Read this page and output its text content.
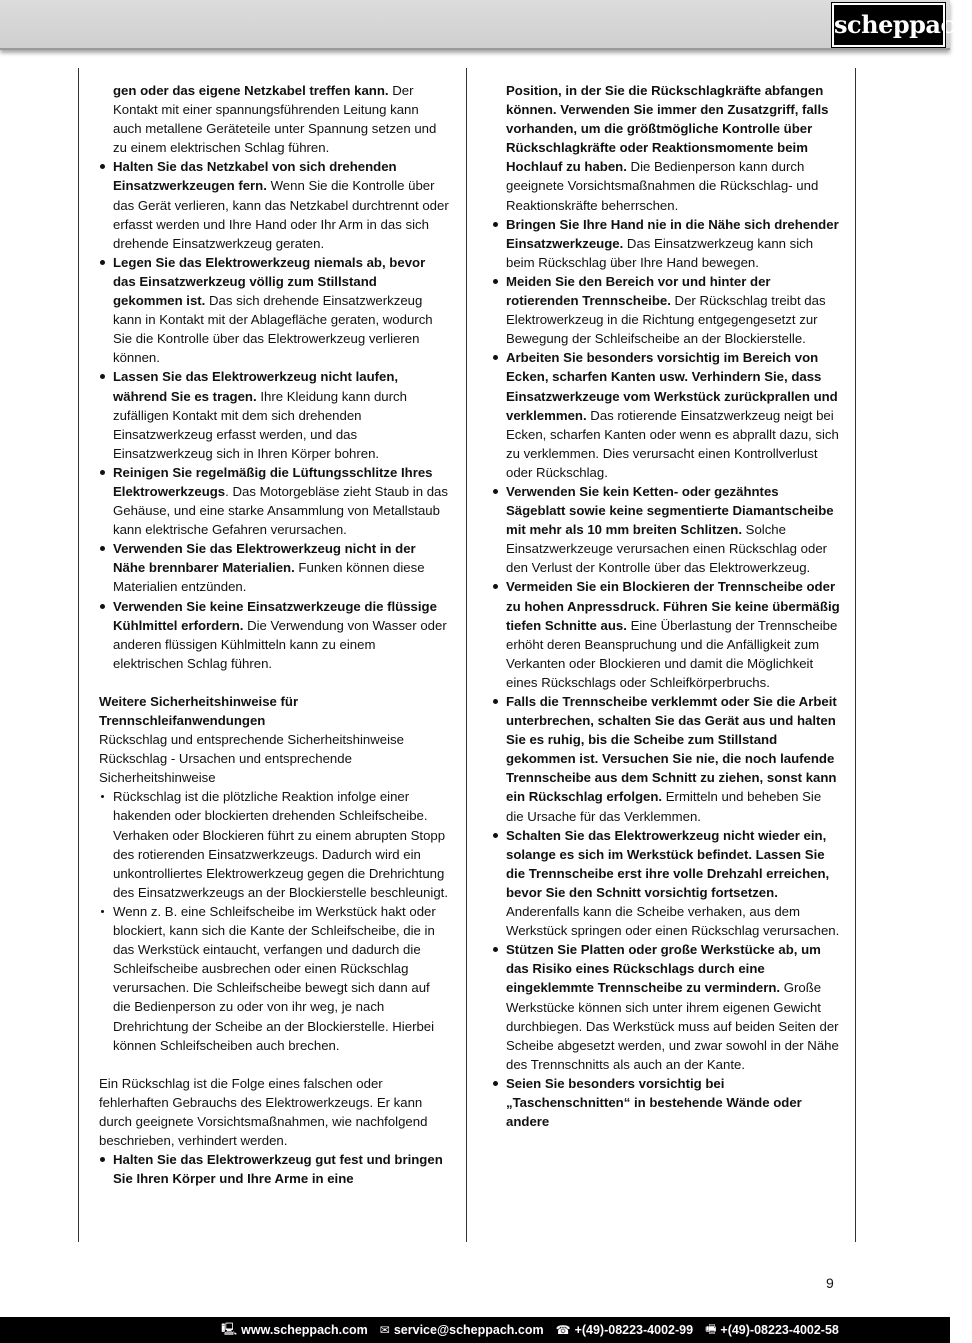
scheppach
gen oder das eigene Netzkabel treffen kann. Der Kontakt mit einer spannungsführenden Leitung kann auch metallene Geräteteile unter Spannung setzen und zu einem elektrischen Schlag führen.
Halten Sie das Netzkabel von sich drehenden Einsatzwerkzeugen fern. Wenn Sie die Kontrolle über das Gerät verlieren, kann das Netzkabel durchtrennt oder erfasst werden und Ihre Hand oder Ihr Arm in das sich drehende Einsatzwerkzeug geraten.
Legen Sie das Elektrowerkzeug niemals ab, bevor das Einsatzwerkzeug völlig zum Stillstand gekommen ist. Das sich drehende Einsatzwerkzeug kann in Kontakt mit der Ablagefläche geraten, wodurch Sie die Kontrolle über das Elektrowerkzeug verlieren können.
Lassen Sie das Elektrowerkzeug nicht laufen, während Sie es tragen. Ihre Kleidung kann durch zufälligen Kontakt mit dem sich drehenden Einsatzwerkzeug erfasst werden, und das Einsatzwerkzeug sich in Ihren Körper bohren.
Reinigen Sie regelmäßig die Lüftungsschlitze Ihres Elektrowerkzeugs. Das Motorgebläse zieht Staub in das Gehäuse, und eine starke Ansammlung von Metallstaub kann elektrische Gefahren verursachen.
Verwenden Sie das Elektrowerkzeug nicht in der Nähe brennbarer Materialien. Funken können diese Materialien entzünden.
Verwenden Sie keine Einsatzwerkzeuge die flüssige Kühlmittel erfordern. Die Verwendung von Wasser oder anderen flüssigen Kühlmitteln kann zu einem elektrischen Schlag führen.
Weitere Sicherheitshinweise für Trennschleifanwendungen
Rückschlag und entsprechende Sicherheitshinweise
Rückschlag - Ursachen und entsprechende Sicherheitshinweise
Rückschlag ist die plötzliche Reaktion infolge einer hakenden oder blockierten drehenden Schleifscheibe. Verhaken oder Blockieren führt zu einem abrupten Stopp des rotierenden Einsatzwerkzeugs. Dadurch wird ein unkontrolliertes Elektrowerkzeug gegen die Drehrichtung des Einsatzwerkzeugs an der Blockierstelle beschleunigt.
Wenn z. B. eine Schleifscheibe im Werkstück hakt oder blockiert, kann sich die Kante der Schleifscheibe, die in das Werkstück eintaucht, verfangen und dadurch die Schleifscheibe ausbrechen oder einen Rückschlag verursachen. Die Schleifscheibe bewegt sich dann auf die Bedienperson zu oder von ihr weg, je nach Drehrichtung der Scheibe an der Blockierstelle. Hierbei können Schleifscheiben auch brechen.
Ein Rückschlag ist die Folge eines falschen oder fehlerhaften Gebrauchs des Elektrowerkzeugs. Er kann durch geeignete Vorsichtsmaßnahmen, wie nachfolgend beschrieben, verhindert werden.
Halten Sie das Elektrowerkzeug gut fest und bringen Sie Ihren Körper und Ihre Arme in eine
Position, in der Sie die Rückschlagkräfte abfangen können. Verwenden Sie immer den Zusatzgriff, falls vorhanden, um die größtmögliche Kontrolle über Rückschlagkräfte oder Reaktionsmomente beim Hochlauf zu haben. Die Bedienperson kann durch geeignete Vorsichtsmaßnahmen die Rückschlag- und Reaktionskräfte beherrschen.
Bringen Sie Ihre Hand nie in die Nähe sich drehender Einsatzwerkzeuge. Das Einsatzwerkzeug kann sich beim Rückschlag über Ihre Hand bewegen.
Meiden Sie den Bereich vor und hinter der rotierenden Trennscheibe. Der Rückschlag treibt das Elektrowerkzeug in die Richtung entgegengesetzt zur Bewegung der Schleifscheibe an der Blockierstelle.
Arbeiten Sie besonders vorsichtig im Bereich von Ecken, scharfen Kanten usw. Verhindern Sie, dass Einsatzwerkzeuge vom Werkstück zurückprallen und verklemmen. Das rotierende Einsatzwerkzeug neigt bei Ecken, scharfen Kanten oder wenn es abprallt dazu, sich zu verklemmen. Dies verursacht einen Kontrollverlust oder Rückschlag.
Verwenden Sie kein Ketten- oder gezähntes Sägeblatt sowie keine segmentierte Diamantscheibe mit mehr als 10 mm breiten Schlitzen. Solche Einsatzwerkzeuge verursachen einen Rückschlag oder den Verlust der Kontrolle über das Elektrowerkzeug.
Vermeiden Sie ein Blockieren der Trennscheibe oder zu hohen Anpressdruck. Führen Sie keine übermäßig tiefen Schnitte aus. Eine Überlastung der Trennscheibe erhöht deren Beanspruchung und die Anfälligkeit zum Verkanten oder Blockieren und damit die Möglichkeit eines Rückschlags oder Schleifkörperbruchs.
Falls die Trennscheibe verklemmt oder Sie die Arbeit unterbrechen, schalten Sie das Gerät aus und halten Sie es ruhig, bis die Scheibe zum Stillstand gekommen ist. Versuchen Sie nie, die noch laufende Trennscheibe aus dem Schnitt zu ziehen, sonst kann ein Rückschlag erfolgen. Ermitteln und beheben Sie die Ursache für das Verklemmen.
Schalten Sie das Elektrowerkzeug nicht wieder ein, solange es sich im Werkstück befindet. Lassen Sie die Trennscheibe erst ihre volle Drehzahl erreichen, bevor Sie den Schnitt vorsichtig fortsetzen. Anderenfalls kann die Scheibe verhaken, aus dem Werkstück springen oder einen Rückschlag verursachen.
Stützen Sie Platten oder große Werkstücke ab, um das Risiko eines Rückschlags durch eine eingeklemmte Trennscheibe zu vermindern. Große Werkstücke können sich unter ihrem eigenen Gewicht durchbiegen. Das Werkstück muss auf beiden Seiten der Scheibe abgesetzt werden, und zwar sowohl in der Nähe des Trennschnitts als auch an der Kante.
Seien Sie besonders vorsichtig bei „Taschenschnitten“ in bestehende Wände oder andere
9
🖳 www.scheppach.com ✉ service@scheppach.com ☎ +(49)-08223-4002-99 🖷 +(49)-08223-4002-58
